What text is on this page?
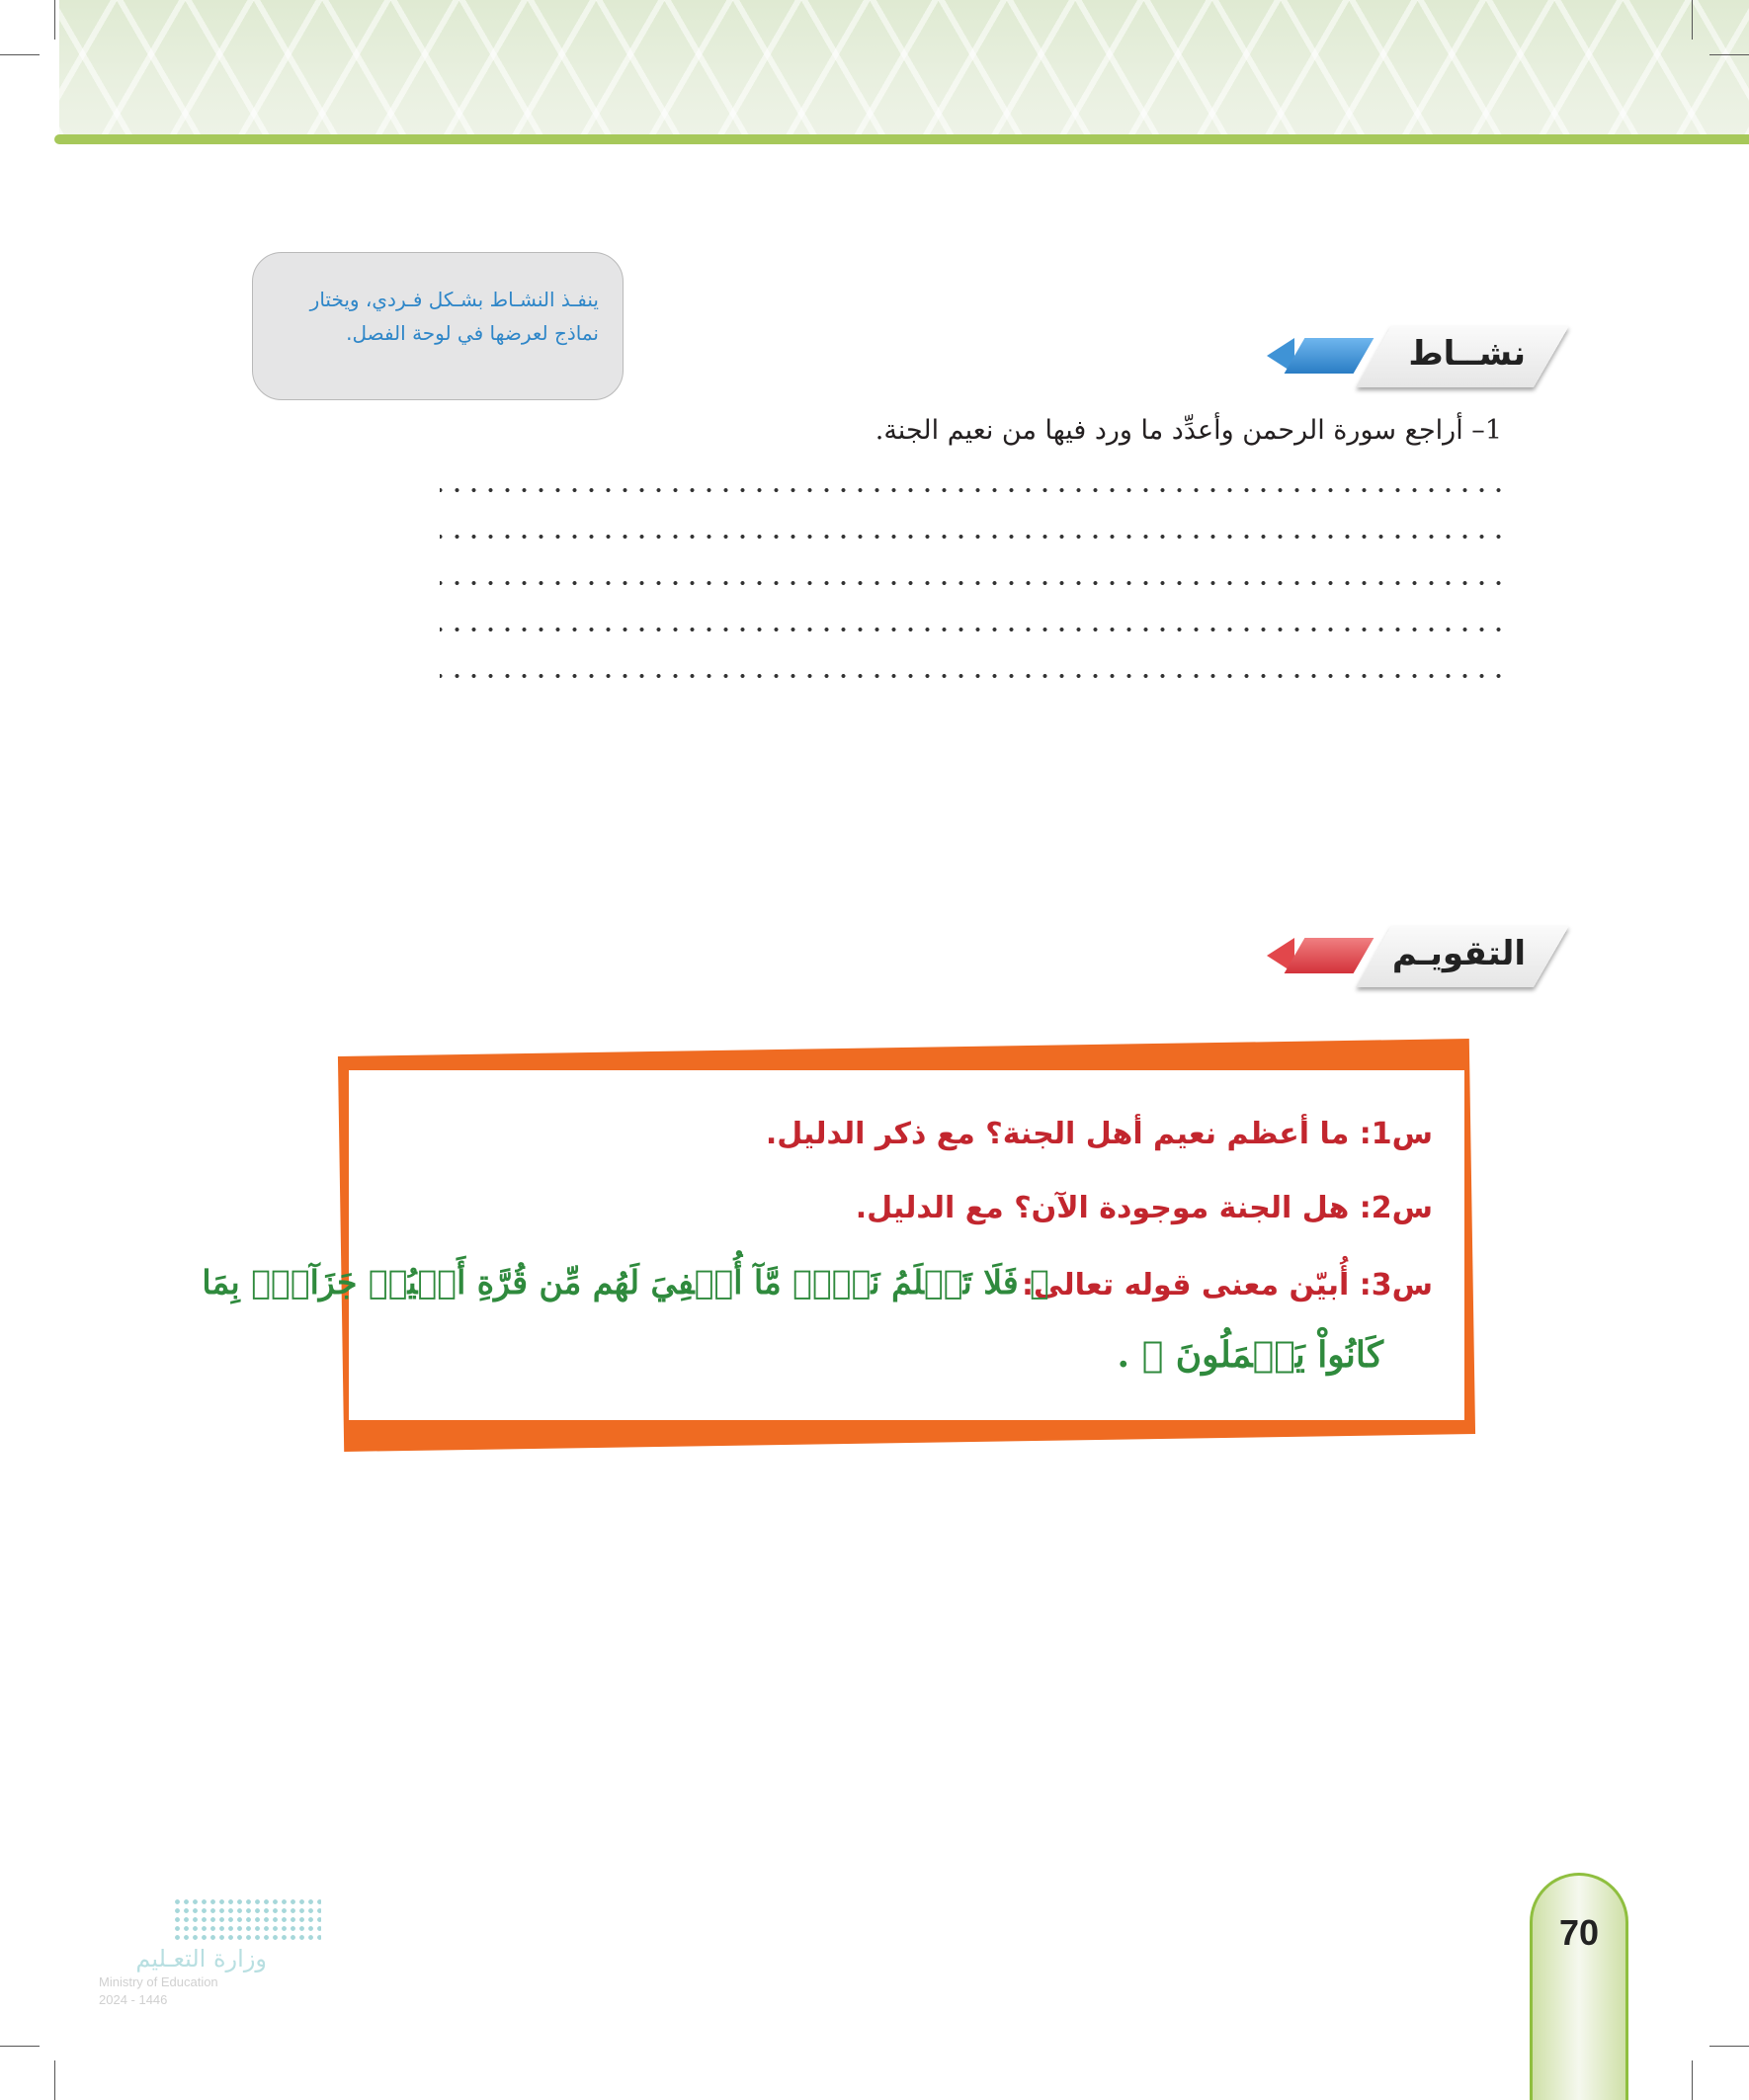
ينفـذ النشـاط بشـكل فـردي، ويختار
نماذج لعرضها في لوحة الفصل.
نشــاط
1– أراجع سورة الرحمن وأعدِّد ما ورد فيها من نعيم الجنة.
التقويـم
س1: ما أعظم نعيم أهل الجنة؟ مع ذكر الدليل.
س2: هل الجنة موجودة الآن؟ مع الدليل.
س3: أُبيّن معنى قوله تعالى:
﴿ فَلَا تَعۡلَمُ نَفۡسٞ مَّآ أُخۡفِيَ لَهُم مِّن قُرَّةِ أَعۡيُنٖ جَزَآءَۢ بِمَا
كَانُواْ يَعۡمَلُونَ ﴾ .
70
وزارة التعـليم
Ministry of Education
2024 - 1446
